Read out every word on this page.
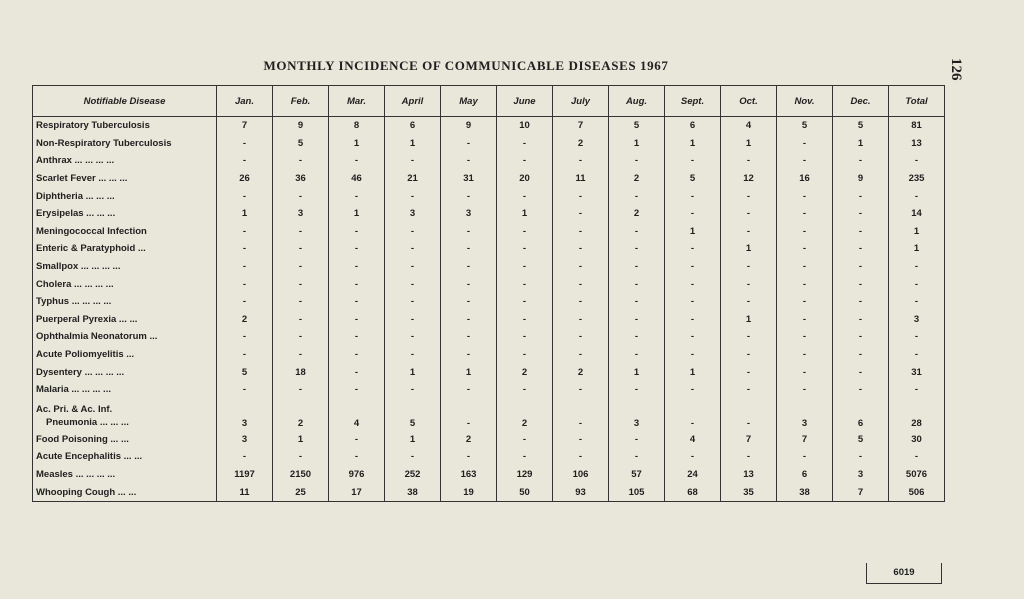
126
MONTHLY INCIDENCE OF COMMUNICABLE DISEASES 1967
Notifiable Disease	Jan.	Feb.	Mar.	April	May	June	July	Aug.	Sept.	Oct.	Nov.	Dec.	Total
Respiratory Tuberculosis	7	9	8	6	9	10	7	5	6	4	5	5	81
Non-Respiratory Tuberculosis	-	5	1	1	-	-	2	1	1	1	-	1	13
Anthrax ... ... ... ...	-	-	-	-	-	-	-	-	-	-	-	-	-
Scarlet Fever ... ... ...	26	36	46	21	31	20	11	2	5	12	16	9	235
Diphtheria ... ... ...	-	-	-	-	-	-	-	-	-	-	-	-	-
Erysipelas ... ... ...	1	3	1	3	3	1	-	2	-	-	-	-	14
Meningococcal Infection	-	-	-	-	-	-	-	-	1	-	-	-	1
Enteric & Paratyphoid ...	-	-	-	-	-	-	-	-	-	1	-	-	1
Smallpox ... ... ... ...	-	-	-	-	-	-	-	-	-	-	-	-	-
Cholera ... ... ... ...	-	-	-	-	-	-	-	-	-	-	-	-	-
Typhus ... ... ... ...	-	-	-	-	-	-	-	-	-	-	-	-	-
Puerperal Pyrexia ... ...	2	-	-	-	-	-	-	-	-	1	-	-	3
Ophthalmia Neonatorum ...	-	-	-	-	-	-	-	-	-	-	-	-	-
Acute Poliomyelitis ...	-	-	-	-	-	-	-	-	-	-	-	-	-
Dysentery ... ... ... ...	5	18	-	1	1	2	2	1	1	-	-	-	31
Malaria ... ... ... ...	-	-	-	-	-	-	-	-	-	-	-	-	-

Ac. Pri. & Ac. Inf.
Pneumonia ... ... ...	3	2	4	5	-	2	-	3	-	-	3	6	28
Food Poisoning ... ...	3	1	-	1	2	-	-	-	4	7	7	5	30
Acute Encephalitis ... ...	-	-	-	-	-	-	-	-	-	-	-	-	-
Measles ... ... ... ...	1197	2150	976	252	163	129	106	57	24	13	6	3	5076
Whooping Cough ... ...	11	25	17	38	19	50	93	105	68	35	38	7	506
6019
